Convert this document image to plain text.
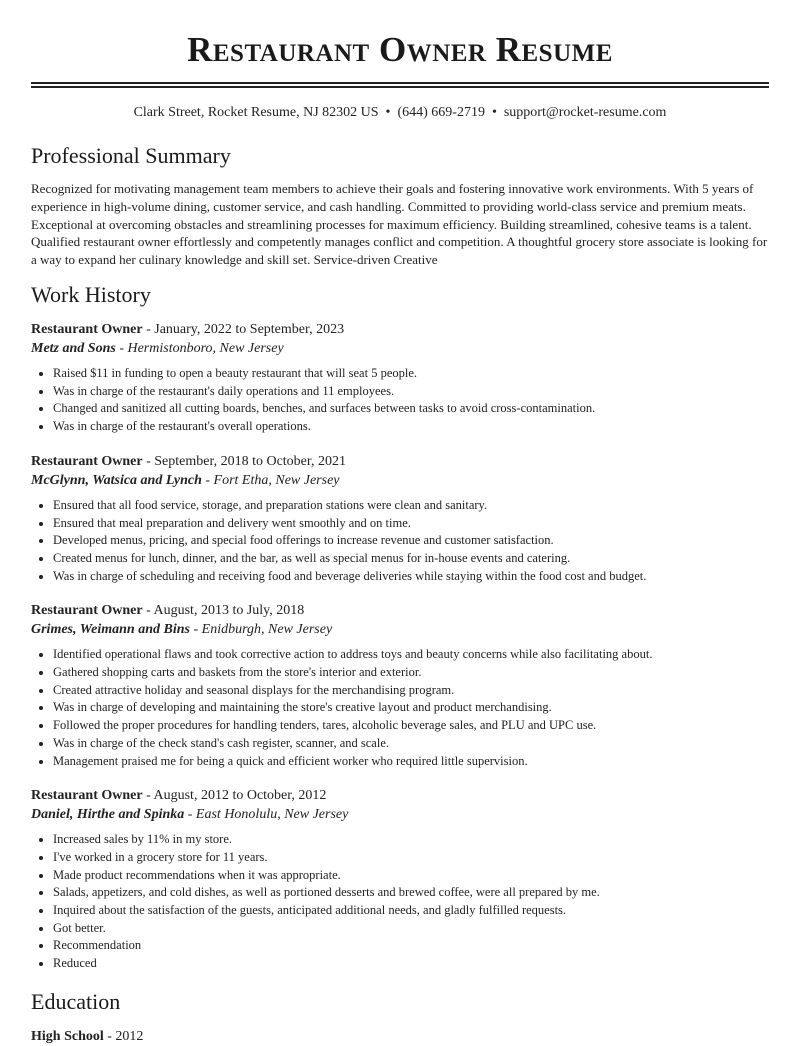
Restaurant Owner Resume
Clark Street, Rocket Resume, NJ 82302 US • (644) 669-2719 • support@rocket-resume.com
Professional Summary

Recognized for motivating management team members to achieve their goals and fostering innovative work environments. With 5 years of experience in high-volume dining, customer service, and cash handling. Committed to providing world-class service and premium meats. Exceptional at overcoming obstacles and streamlining processes for maximum efficiency. Building streamlined, cohesive teams is a talent. Qualified restaurant owner effortlessly and competently manages conflict and competition. A thoughtful grocery store associate is looking for a way to expand her culinary knowledge and skill set. Service-driven Creative

Work History

Restaurant Owner - January, 2022 to September, 2023

Metz and Sons - Hermistonboro, New Jersey

• Raised $11 in funding to open a beauty restaurant that will seat 5 people.
• Was in charge of the restaurant's daily operations and 11 employees.
• Changed and sanitized all cutting boards, benches, and surfaces between tasks to avoid cross-contamination.
• Was in charge of the restaurant's overall operations.

Restaurant Owner - September, 2018 to October, 2021

McGlynn, Watsica and Lynch - Fort Etha, New Jersey

• Ensured that all food service, storage, and preparation stations were clean and sanitary.
• Ensured that meal preparation and delivery went smoothly and on time.
• Developed menus, pricing, and special food offerings to increase revenue and customer satisfaction.
• Created menus for lunch, dinner, and the bar, as well as special menus for in-house events and catering.
• Was in charge of scheduling and receiving food and beverage deliveries while staying within the food cost and budget.

Restaurant Owner - August, 2013 to July, 2018

Grimes, Weimann and Bins - Enidburgh, New Jersey

• Identified operational flaws and took corrective action to address toys and beauty concerns while also facilitating about.
• Gathered shopping carts and baskets from the store's interior and exterior.
• Created attractive holiday and seasonal displays for the merchandising program.
• Was in charge of developing and maintaining the store's creative layout and product merchandising.
• Followed the proper procedures for handling tenders, tares, alcoholic beverage sales, and PLU and UPC use.
• Was in charge of the check stand's cash register, scanner, and scale.
• Management praised me for being a quick and efficient worker who required little supervision.

Restaurant Owner - August, 2012 to October, 2012

Daniel, Hirthe and Spinka - East Honolulu, New Jersey

• Increased sales by 11% in my store.
• I've worked in a grocery store for 11 years.
• Made product recommendations when it was appropriate.
• Salads, appetizers, and cold dishes, as well as portioned desserts and brewed coffee, were all prepared by me.
• Inquired about the satisfaction of the guests, anticipated additional needs, and gladly fulfilled requests.
• Got better.
• Recommendation
• Reduced
Education

High School - 2012
